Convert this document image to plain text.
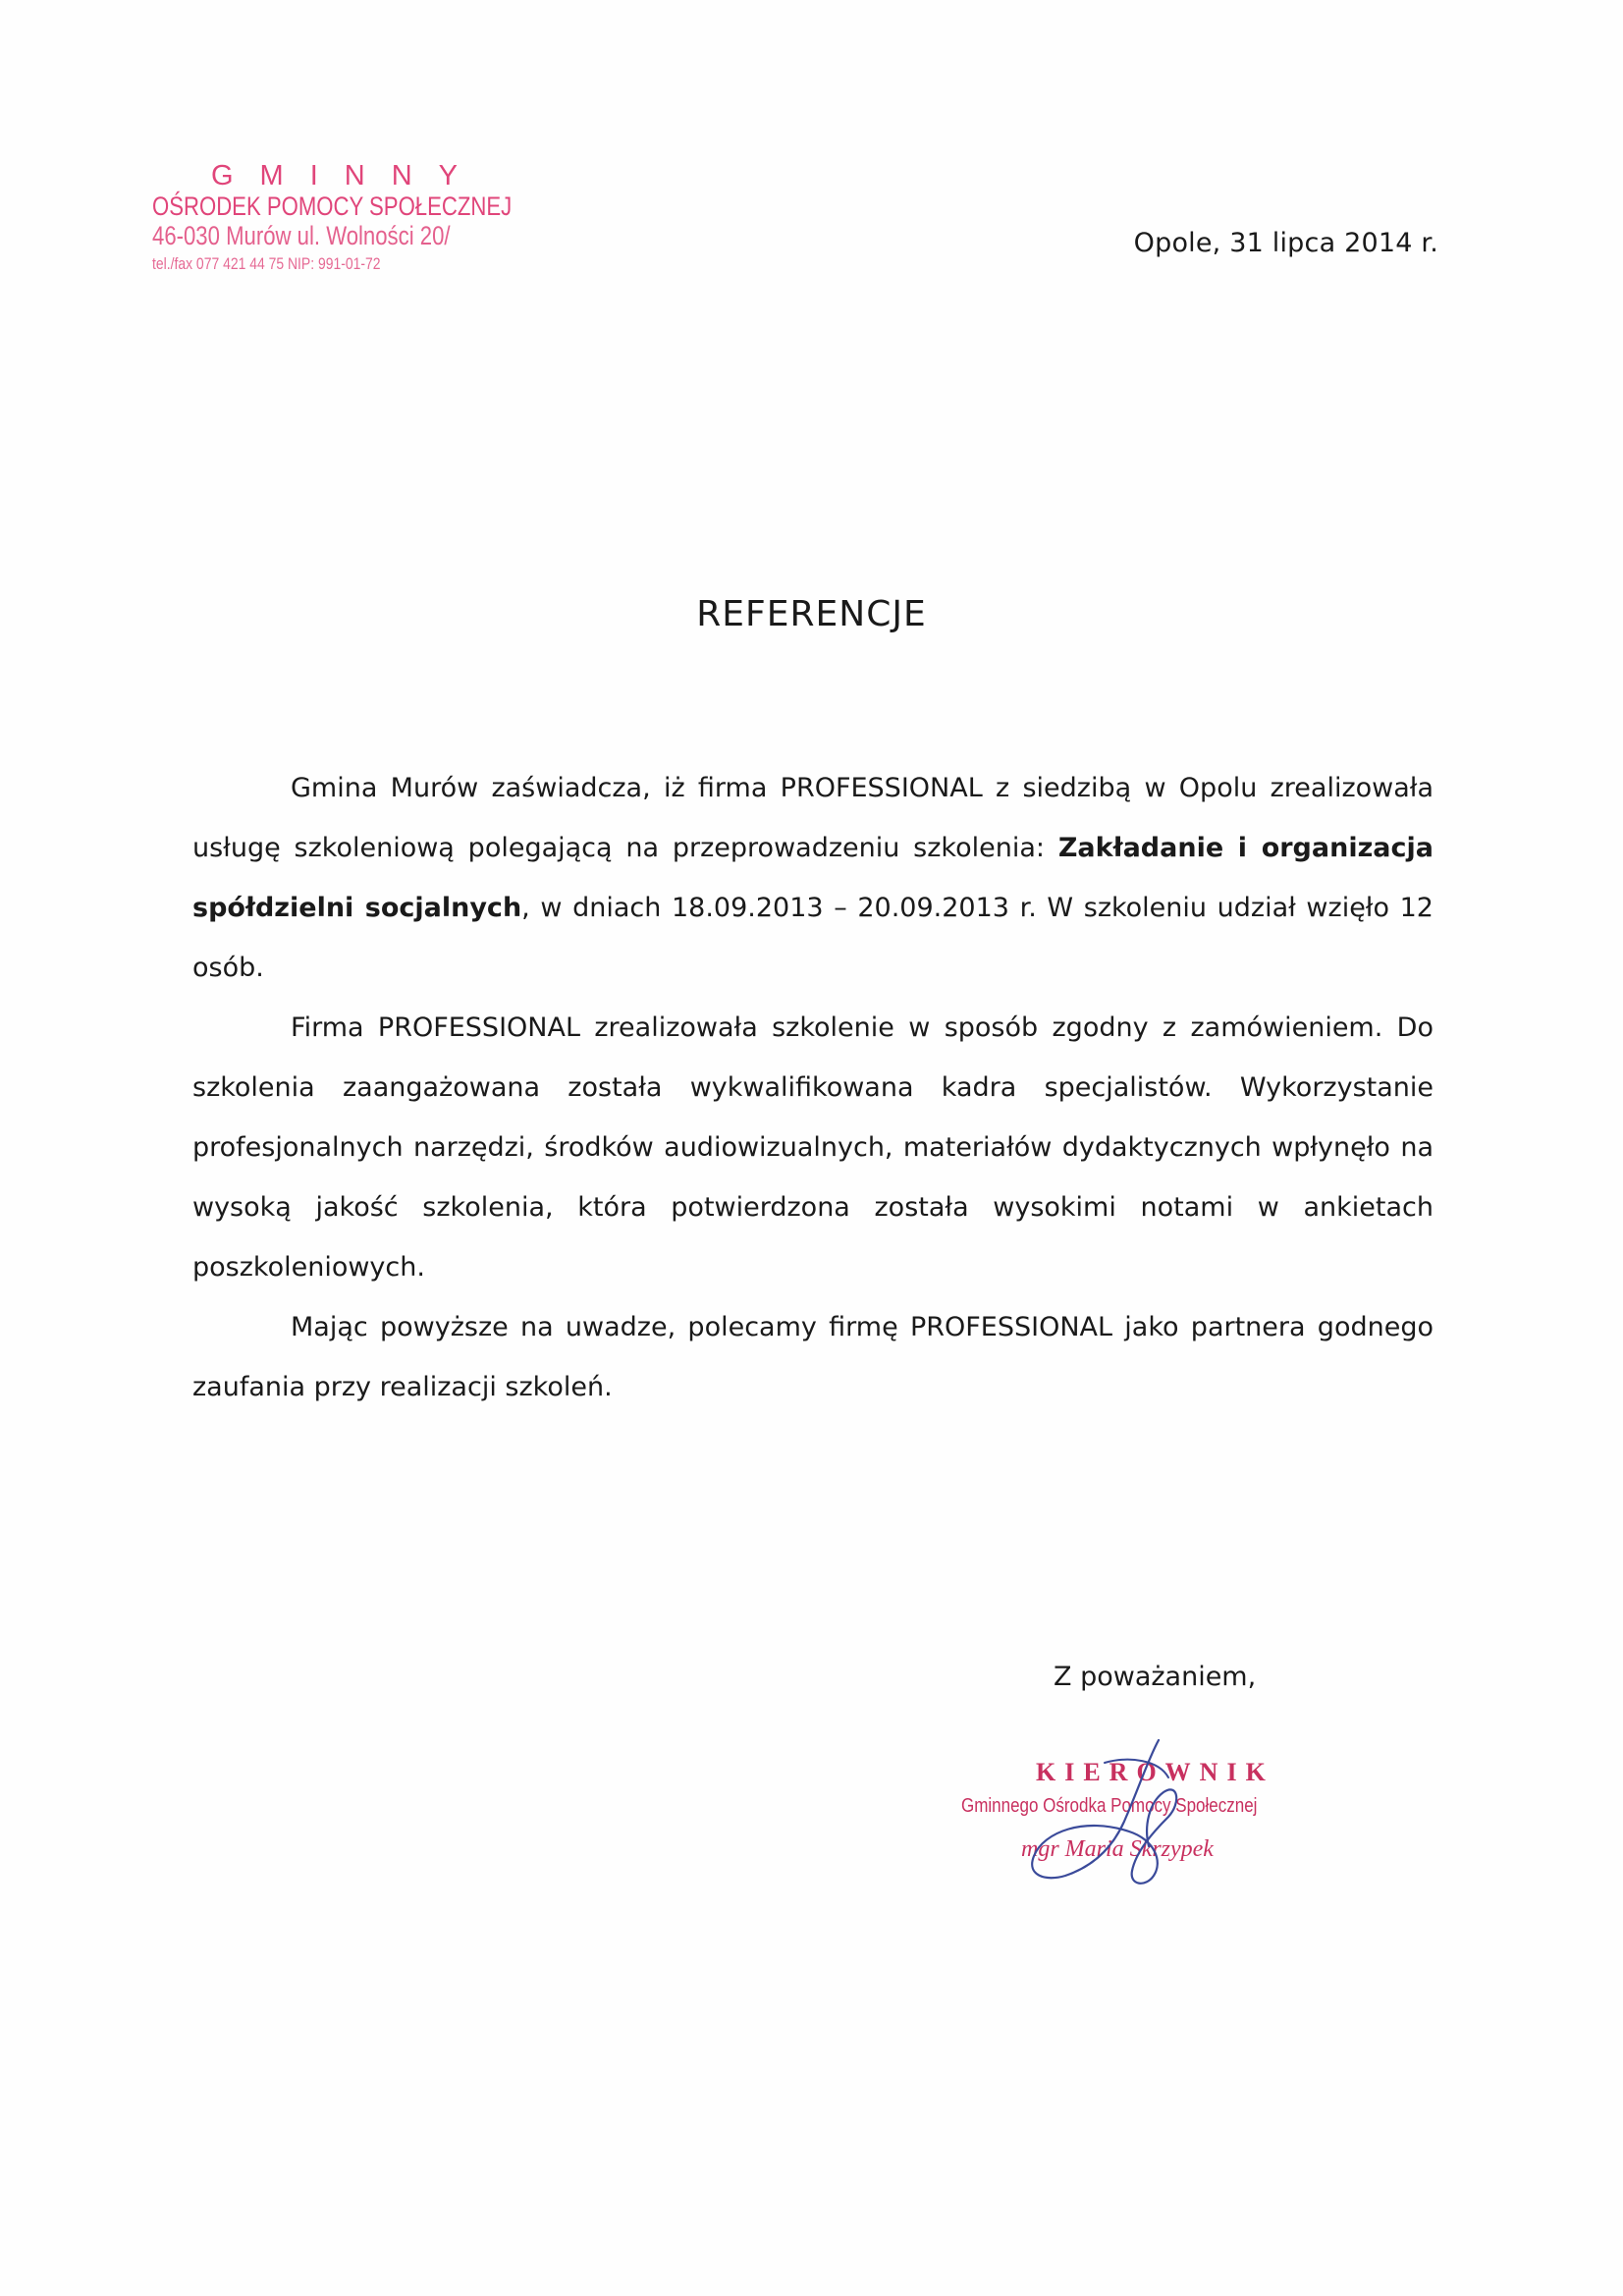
GMINNY
OŚRODEK POMOCY SPOŁECZNEJ
46-030 Murów ul. Wolności 20/
tel./fax 077 421 44 75 NIP: 991-01-72
Opole, 31 lipca 2014 r.
REFERENCJE

Gmina Murów zaświadcza, iż firma PROFESSIONAL z siedzibą w Opolu zrealizowała usługę szkoleniową polegającą na przeprowadzeniu szkolenia: Zakładanie i organizacja spółdzielni socjalnych, w dniach 18.09.2013 – 20.09.2013 r. W szkoleniu udział wzięło 12 osób.

Firma PROFESSIONAL zrealizowała szkolenie w sposób zgodny z zamówieniem. Do szkolenia zaangażowana została wykwalifikowana kadra specjalistów. Wykorzystanie profesjonalnych narzędzi, środków audiowizualnych, materiałów dydaktycznych wpłynęło na wysoką jakość szkolenia, która potwierdzona została wysokimi notami w ankietach poszkoleniowych.

Mając powyższe na uwadze, polecamy firmę PROFESSIONAL jako partnera godnego zaufania przy realizacji szkoleń.

Z poważaniem,
KIEROWNIK
Gminnego Ośrodka Pomocy Społecznej
mgr Maria Skrzypek
